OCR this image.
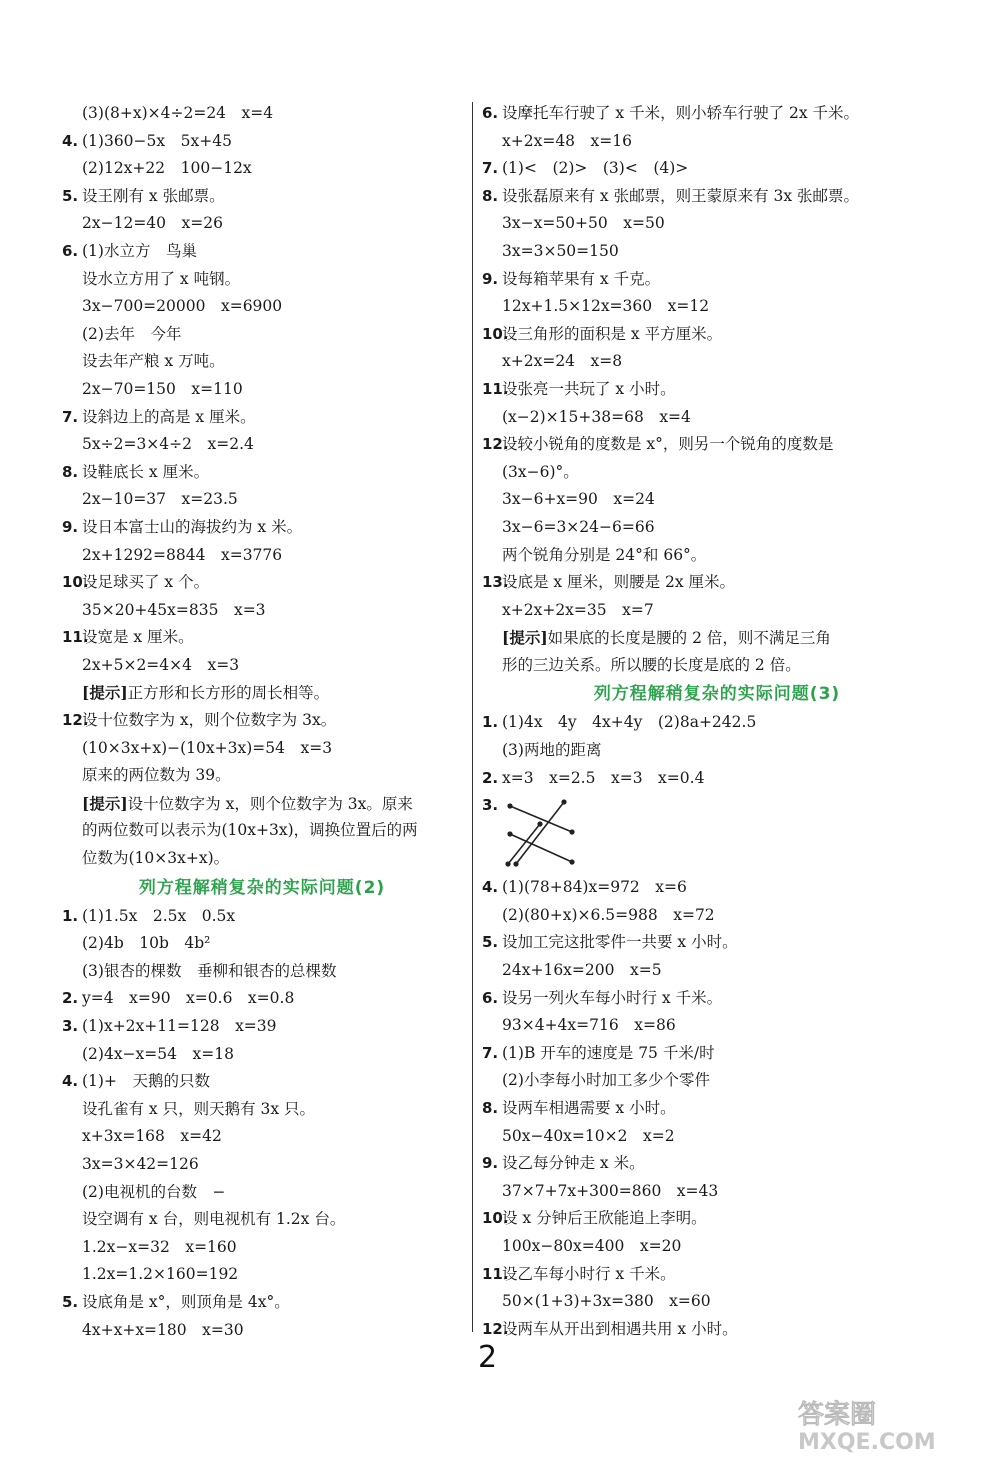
(3)(8+x)×4÷2=24　x=4
4. (1)360−5x　5x+45
(2)12x+22　100−12x
5. 设王刚有 x 张邮票。
2x−12=40　x=26
6. (1)水立方　鸟巢
设水立方用了 x 吨钢。
3x−700=20000　x=6900
(2)去年　今年
设去年产粮 x 万吨。
2x−70=150　x=110
7. 设斜边上的高是 x 厘米。
5x÷2=3×4÷2　x=2.4
8. 设鞋底长 x 厘米。
2x−10=37　x=23.5
9. 设日本富士山的海拔约为 x 米。
2x+1292=8844　x=3776
10.设足球买了 x 个。
35×20+45x=835　x=3
11.设宽是 x 厘米。
2x+5×2=4×4　x=3
[提示]正方形和长方形的周长相等。
12.设十位数字为 x，则个位数字为 3x。
(10×3x+x)−(10x+3x)=54　x=3
原来的两位数为 39。
[提示]设十位数字为 x，则个位数字为 3x。原来
的两位数可以表示为(10x+3x)，调换位置后的两
位数为(10×3x+x)。
列方程解稍复杂的实际问题(2)
1. (1)1.5x　2.5x　0.5x
(2)4b　10b　4b²
(3)银杏的棵数　垂柳和银杏的总棵数
2. y=4　x=90　x=0.6　x=0.8
3. (1)x+2x+11=128　x=39
(2)4x−x=54　x=18
4. (1)+　天鹅的只数
设孔雀有 x 只，则天鹅有 3x 只。
x+3x=168　x=42
3x=3×42=126
(2)电视机的台数　−
设空调有 x 台，则电视机有 1.2x 台。
1.2x−x=32　x=160
1.2x=1.2×160=192
5. 设底角是 x°，则顶角是 4x°。
4x+x+x=180　x=30
6. 设摩托车行驶了 x 千米，则小轿车行驶了 2x 千米。
x+2x=48　x=16
7. (1)<　(2)>　(3)<　(4)>
8. 设张磊原来有 x 张邮票，则王蒙原来有 3x 张邮票。
3x−x=50+50　x=50
3x=3×50=150
9. 设每箱苹果有 x 千克。
12x+1.5×12x=360　x=12
10.设三角形的面积是 x 平方厘米。
x+2x=24　x=8
11.设张亮一共玩了 x 小时。
(x−2)×15+38=68　x=4
12.设较小锐角的度数是 x°，则另一个锐角的度数是
(3x−6)°。
3x−6+x=90　x=24
3x−6=3×24−6=66
两个锐角分别是 24°和 66°。
13.设底是 x 厘米，则腰是 2x 厘米。
x+2x+2x=35　x=7
[提示]如果底的长度是腰的 2 倍，则不满足三角
形的三边关系。所以腰的长度是底的 2 倍。
列方程解稍复杂的实际问题(3)
1. (1)4x　4y　4x+4y　(2)8a+242.5
(3)两地的距离
2. x=3　x=2.5　x=3　x=0.4
3.
4. (1)(78+84)x=972　x=6
(2)(80+x)×6.5=988　x=72
5. 设加工完这批零件一共要 x 小时。
24x+16x=200　x=5
6. 设另一列火车每小时行 x 千米。
93×4+4x=716　x=86
7. (1)B 开车的速度是 75 千米/时
(2)小李每小时加工多少个零件
8. 设两车相遇需要 x 小时。
50x−40x=10×2　x=2
9. 设乙每分钟走 x 米。
37×7+7x+300=860　x=43
10.设 x 分钟后王欣能追上李明。
100x−80x=400　x=20
11.设乙车每小时行 x 千米。
50×(1+3)+3x=380　x=60
12.设两车从开出到相遇共用 x 小时。
2
答案圈
MXQE.COM
